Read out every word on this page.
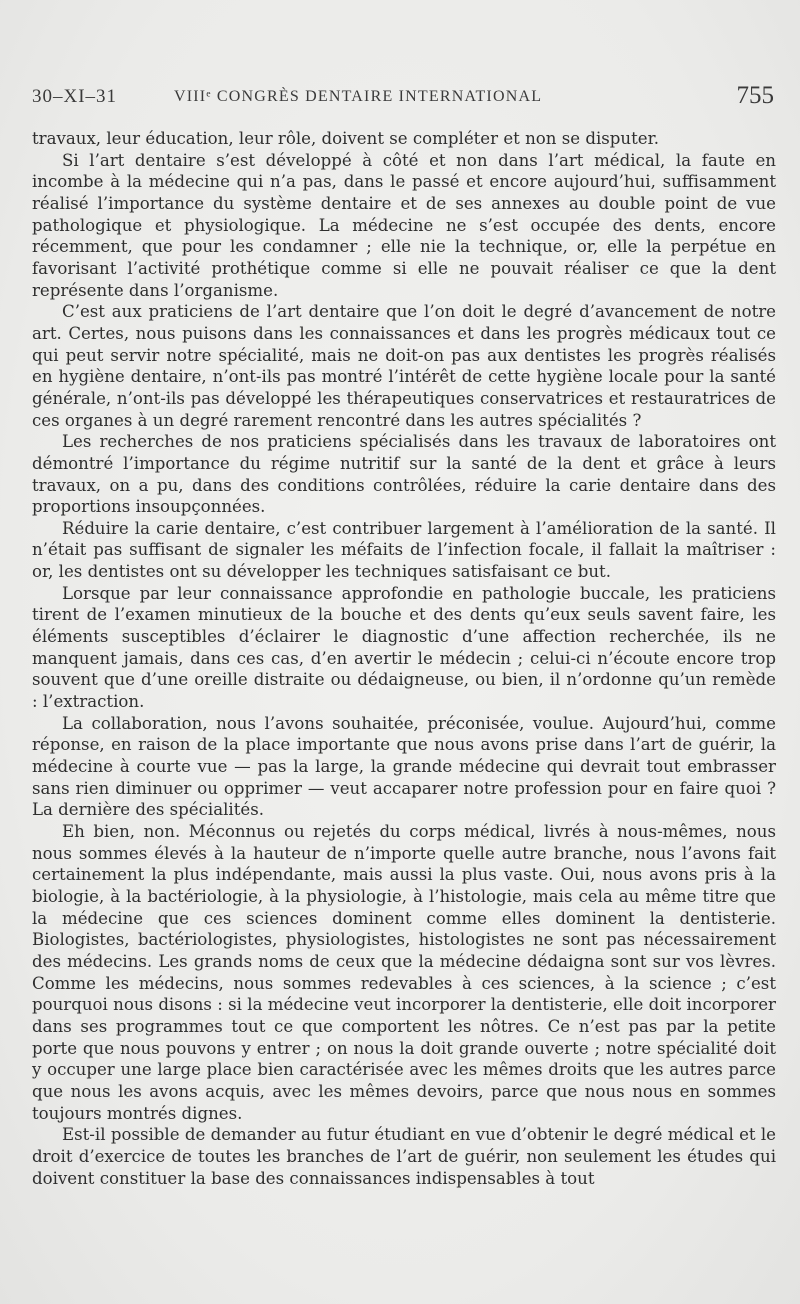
30–XI–31	VIIIᵉ CONGRÈS DENTAIRE INTERNATIONAL	755

travaux, leur éducation, leur rôle, doivent se compléter et non se disputer.

Si l’art dentaire s’est développé à côté et non dans l’art médical, la faute en incombe à la médecine qui n’a pas, dans le passé et encore aujourd’hui, suffisamment réalisé l’importance du système dentaire et de ses annexes au double point de vue pathologique et physiologique. La médecine ne s’est occupée des dents, encore récemment, que pour les condamner ; elle nie la technique, or, elle la perpétue en favorisant l’activité prothétique comme si elle ne pouvait réaliser ce que la dent représente dans l’organisme.

C’est aux praticiens de l’art dentaire que l’on doit le degré d’avancement de notre art. Certes, nous puisons dans les connaissances et dans les progrès médicaux tout ce qui peut servir notre spécialité, mais ne doit-on pas aux dentistes les progrès réalisés en hygiène dentaire, n’ont-ils pas montré l’intérêt de cette hygiène locale pour la santé générale, n’ont-ils pas développé les thérapeutiques conservatrices et restauratrices de ces organes à un degré rarement rencontré dans les autres spécialités ?

Les recherches de nos praticiens spécialisés dans les travaux de laboratoires ont démontré l’importance du régime nutritif sur la santé de la dent et grâce à leurs travaux, on a pu, dans des conditions contrôlées, réduire la carie dentaire dans des proportions insoupçonnées.

Réduire la carie dentaire, c’est contribuer largement à l’amélioration de la santé. Il n’était pas suffisant de signaler les méfaits de l’infection focale, il fallait la maîtriser : or, les dentistes ont su développer les techniques satisfaisant ce but.

Lorsque par leur connaissance approfondie en pathologie buccale, les praticiens tirent de l’examen minutieux de la bouche et des dents qu’eux seuls savent faire, les éléments susceptibles d’éclairer le diagnostic d’une affection recherchée, ils ne manquent jamais, dans ces cas, d’en avertir le médecin ; celui-ci n’écoute encore trop souvent que d’une oreille distraite ou dédaigneuse, ou bien, il n’ordonne qu’un remède : l’extraction.

La collaboration, nous l’avons souhaitée, préconisée, voulue. Aujourd’hui, comme réponse, en raison de la place importante que nous avons prise dans l’art de guérir, la médecine à courte vue — pas la large, la grande médecine qui devrait tout embrasser sans rien diminuer ou opprimer — veut accaparer notre profession pour en faire quoi ? La dernière des spécialités.

Eh bien, non. Méconnus ou rejetés du corps médical, livrés à nous-mêmes, nous nous sommes élevés à la hauteur de n’importe quelle autre branche, nous l’avons fait certainement la plus indépendante, mais aussi la plus vaste. Oui, nous avons pris à la biologie, à la bactériologie, à la physiologie, à l’histologie, mais cela au même titre que la médecine que ces sciences dominent comme elles dominent la dentisterie. Biologistes, bactériologistes, physiologistes, histologistes ne sont pas nécessairement des médecins. Les grands noms de ceux que la médecine dédaigna sont sur vos lèvres. Comme les médecins, nous sommes redevables à ces sciences, à la science ; c’est pourquoi nous disons : si la médecine veut incorporer la dentisterie, elle doit incorporer dans ses programmes tout ce que comportent les nôtres. Ce n’est pas par la petite porte que nous pouvons y entrer ; on nous la doit grande ouverte ; notre spécialité doit y occuper une large place bien caractérisée avec les mêmes droits que les autres parce que nous les avons acquis, avec les mêmes devoirs, parce que nous nous en sommes toujours montrés dignes.

Est-il possible de demander au futur étudiant en vue d’obtenir le degré médical et le droit d’exercice de toutes les branches de l’art de guérir, non seulement les études qui doivent constituer la base des connaissances indispensables à tout
